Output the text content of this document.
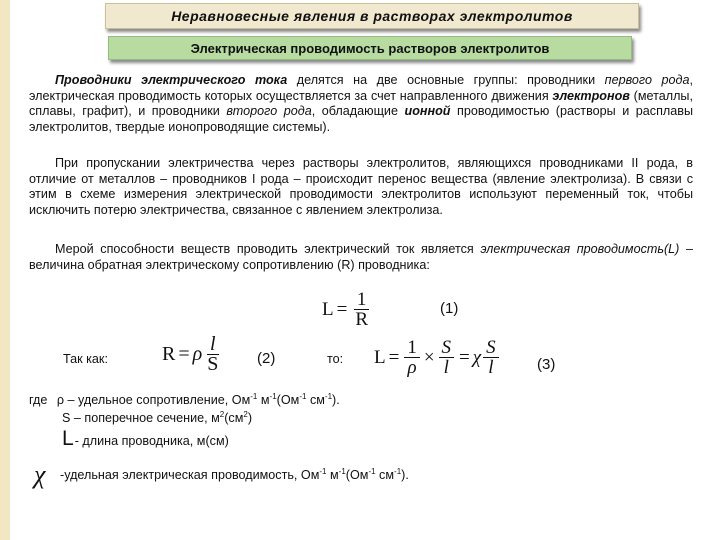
Неравновесные явления в растворах электролитов
Электрическая проводимость растворов электролитов

Проводники электрического тока делятся на две основные группы: проводники первого рода, электрическая проводимость которых осуществляется за счет направленного движения электронов (металлы, сплавы, графит), и проводники второго рода, обладающие ионной проводимостью (растворы и расплавы электролитов, твердые ионопроводящие системы).

При пропускании электричества через растворы электролитов, являющихся проводниками II рода, в отличие от металлов – проводников I рода – происходит перенос вещества (явление электролиза). В связи с этим в схеме измерения электрической проводимости электролитов используют переменный ток, чтобы исключить потерю электричества, связанное с явлением электролиза.

Мерой способности веществ проводить электрический ток является электрическая проводимость(L) – величина обратная электрическому сопротивлению (R) проводника:

$L = \frac{1}{R}$	(1)
Так как:	R = ρ $\frac{l}{S} (2)$	то: $L = \frac{1}{\rho} \times \frac{S}{l} = \chi \frac{S}{l}$	(3)
где ρ – удельное сопротивление, $Ом^{-1}$ $м^{-1}(Ом^{-1}$ $см^{-1}$).
S – поперечное сечение, $м^2(см^2)$
L - длина проводника, м(см)
χ	-удельная электрическая проводимость, $Ом^{-1}$ $м^{-1}(Ом^{-1}$ $см^{-1}$).
